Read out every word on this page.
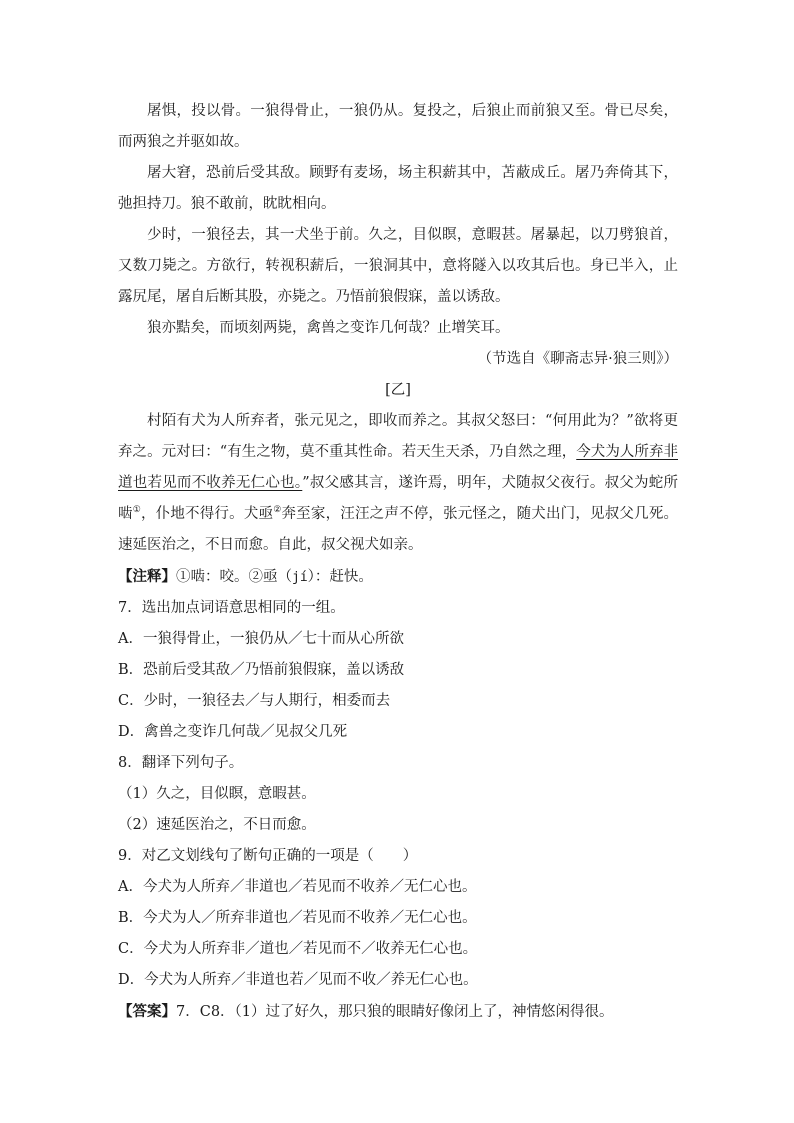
屠惧，投以骨。一狼得骨止，一狼仍从。复投之，后狼止而前狼又至。骨已尽矣，而两狼之并驱如故。

屠大窘，恐前后受其敌。顾野有麦场，场主积薪其中，苫蔽成丘。屠乃奔倚其下，弛担持刀。狼不敢前，眈眈相向。

少时，一狼径去，其一犬坐于前。久之，目似瞑，意暇甚。屠暴起，以刀劈狼首，又数刀毙之。方欲行，转视积薪后，一狼洞其中，意将隧入以攻其后也。身已半入，止露尻尾，屠自后断其股，亦毙之。乃悟前狼假寐，盖以诱敌。

狼亦黠矣，而顷刻两毙，禽兽之变诈几何哉？止增笑耳。

（节选自《聊斋志异·狼三则》）

[乙]

村陌有犬为人所弃者，张元见之，即收而养之。其叔父怒曰：“何用此为？”欲将更弃之。元对曰：“有生之物，莫不重其性命。若天生天杀，乃自然之理，今犬为人所弃非道也若见而不收养无仁心也。”叔父感其言，遂许焉，明年，犬随叔父夜行。叔父为蛇所啮①，仆地不得行。犬亟②奔至家，汪汪之声不停，张元怪之，随犬出门，见叔父几死。速延医治之，不日而愈。自此，叔父视犬如亲。

【注释】①啮：咬。②亟（jí）：赶快。

7．选出加点词语意思相同的一组。

A．一狼得骨止，一狼仍从／七十而从心所欲

B．恐前后受其敌／乃悟前狼假寐，盖以诱敌

C．少时，一狼径去／与人期行，相委而去

D．禽兽之变诈几何哉／见叔父几死

8．翻译下列句子。

（1）久之，目似瞑，意暇甚。

（2）速延医治之，不日而愈。

9．对乙文划线句了断句正确的一项是（　　）

A．今犬为人所弃／非道也／若见而不收养／无仁心也。

B．今犬为人／所弃非道也／若见而不收养／无仁心也。

C．今犬为人所弃非／道也／若见而不／收养无仁心也。

D．今犬为人所弃／非道也若／见而不收／养无仁心也。

【答案】7．C8．（1）过了好久，那只狼的眼睛好像闭上了，神情悠闲得很。
